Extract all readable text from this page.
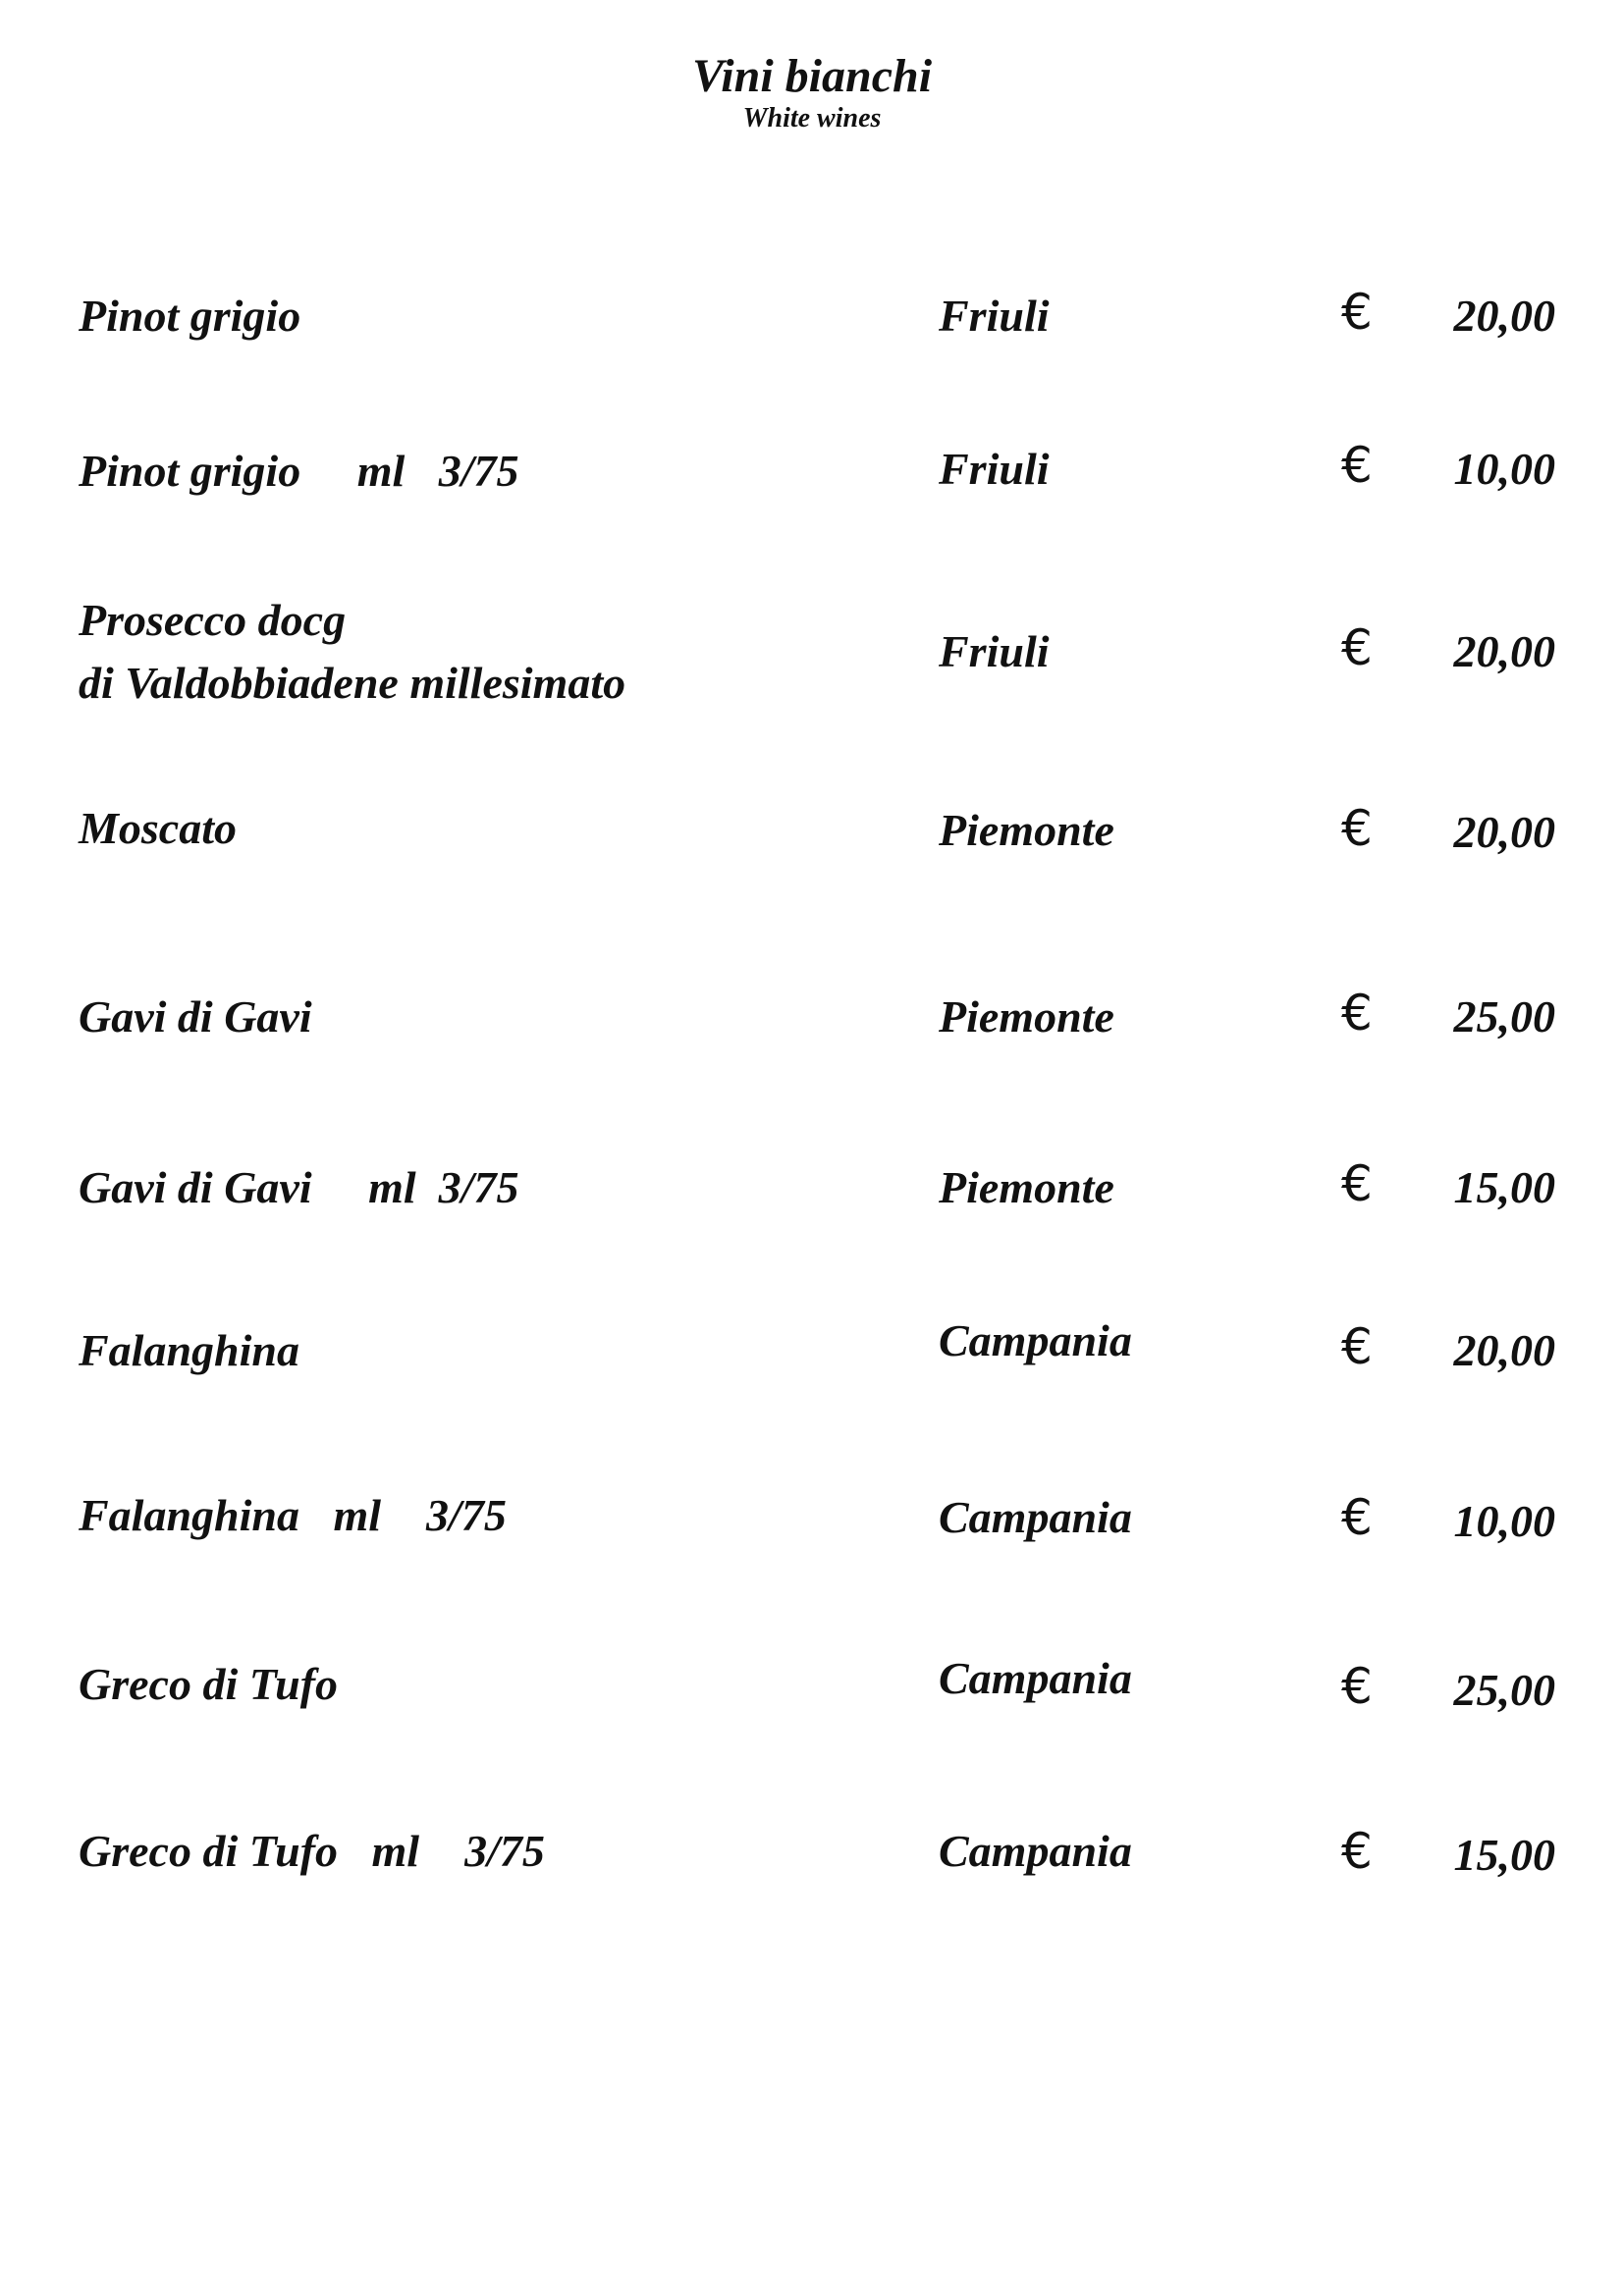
Vini bianchi
White wines
Pinot grigio	Friuli	€ 20,00
Pinot grigio     ml   3/75	Friuli	€ 10,00
Prosecco docg
di Valdobbiadene millesimato
Friuli	€ 20,00
Moscato	Piemonte	€ 20,00
Gavi di Gavi	Piemonte	€ 25,00
Gavi di Gavi     ml  3/75	Piemonte	€ 15,00
Falanghina	Campania	€ 20,00
Falanghina   ml    3/75	Campania	€ 10,00
Greco di Tufo	Campania	€ 25,00
Greco di Tufo   ml    3/75	Campania	€ 15,00
